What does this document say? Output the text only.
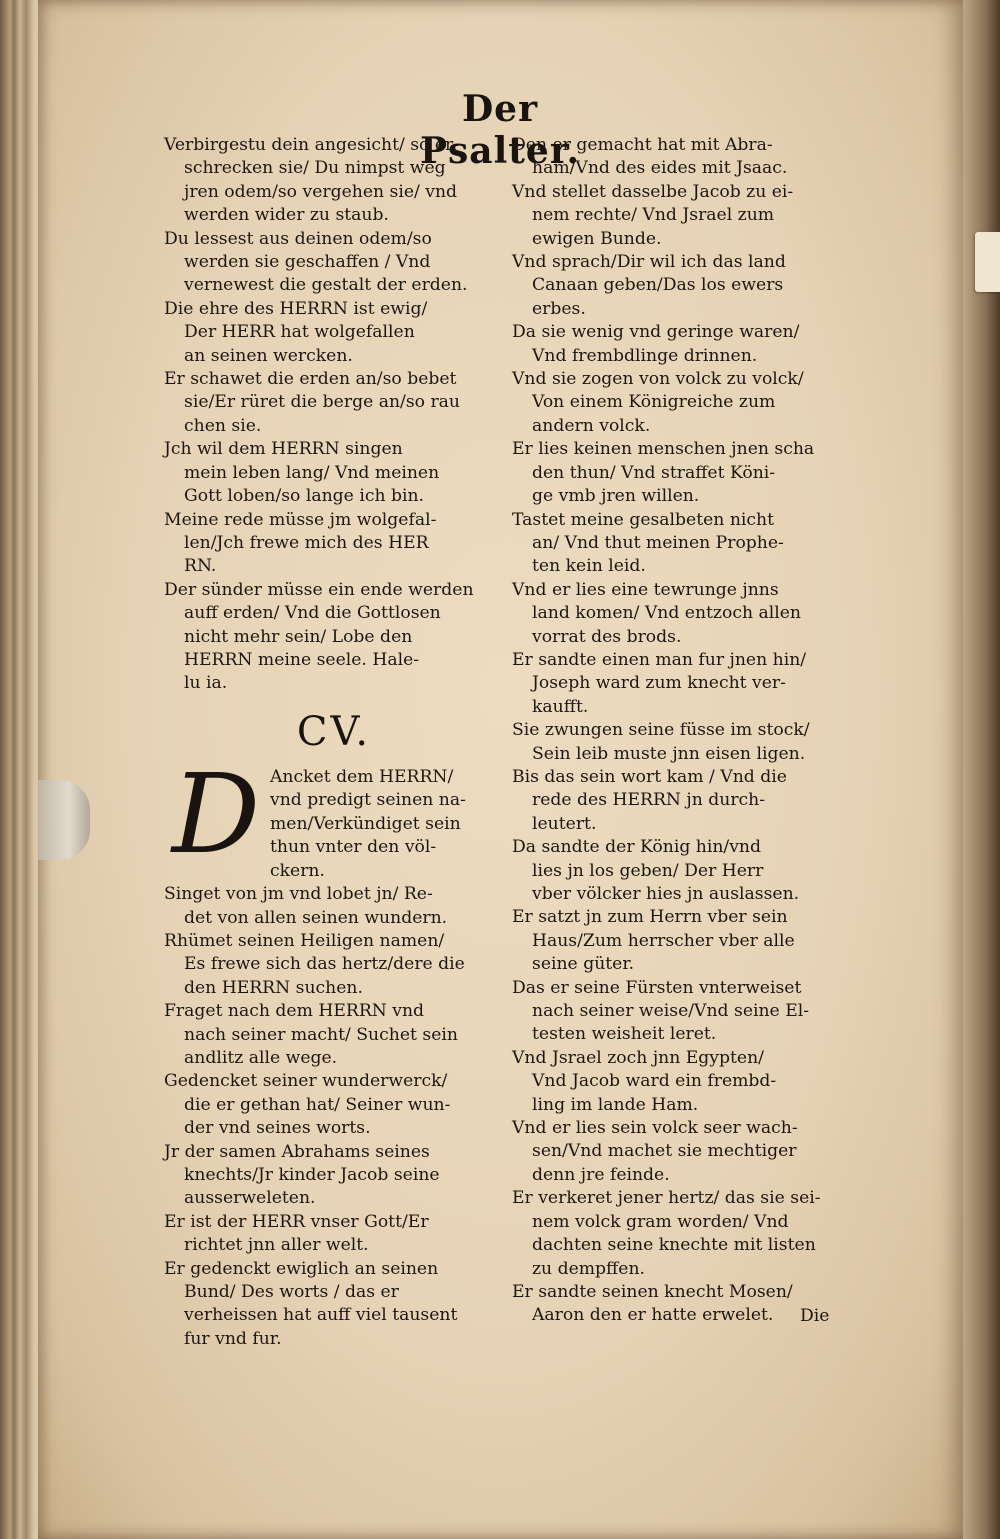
Der Psalter.
Verbirgestu dein angesicht/ so er‑
schrecken sie/ Du nimpst weg
jren odem/so vergehen sie/ vnd
werden wider zu staub.
Du lessest aus deinen odem/so
werden sie geschaffen / Vnd
vernewest die gestalt der erden.
Die ehre des HERRN ist ewig/
Der HERR hat wolgefallen
an seinen wercken.
Er schawet die erden an/so bebet
sie/Er rüret die berge an/so rau
chen sie.
Jch wil dem HERRN singen
mein leben lang/ Vnd meinen
Gott loben/so lange ich bin.
Meine rede müsse jm wolgefal‑
len/Jch frewe mich des HER
RN.
Der sünder müsse ein ende werden
auff erden/ Vnd die Gottlosen
nicht mehr sein/ Lobe den
HERRN meine seele. Hale‑
lu ia.
CV.
D Ancket dem HERRN/
vnd predigt seinen na‑
men/Verkündiget sein
thun vnter den völ‑
ckern.
Singet von jm vnd lobet jn/ Re‑
det von allen seinen wundern.
Rhümet seinen Heiligen namen/
Es frewe sich das hertz/dere die
den HERRN suchen.
Fraget nach dem HERRN vnd
nach seiner macht/ Suchet sein
andlitz alle wege.
Gedencket seiner wunderwerck/
die er gethan hat/ Seiner wun‑
der vnd seines worts.
Jr der samen Abrahams seines
knechts/Jr kinder Jacob seine
ausserweleten.
Er ist der HERR vnser Gott/Er
richtet jnn aller welt.
Er gedenckt ewiglich an seinen
Bund/ Des worts / das er
verheissen hat auff viel tausent
fur vnd fur.
Den er gemacht hat mit Abra‑
ham/Vnd des eides mit Jsaac.
Vnd stellet dasselbe Jacob zu ei‑
nem rechte/ Vnd Jsrael zum
ewigen Bunde.
Vnd sprach/Dir wil ich das land
Canaan geben/Das los ewers
erbes.
Da sie wenig vnd geringe waren/
Vnd frembdlinge drinnen.
Vnd sie zogen von volck zu volck/
Von einem Königreiche zum
andern volck.
Er lies keinen menschen jnen scha
den thun/ Vnd straffet Köni‑
ge vmb jren willen.
Tastet meine gesalbeten nicht
an/ Vnd thut meinen Prophe‑
ten kein leid.
Vnd er lies eine tewrunge jnns
land komen/ Vnd entzoch allen
vorrat des brods.
Er sandte einen man fur jnen hin/
Joseph ward zum knecht ver‑
kaufft.
Sie zwungen seine füsse im stock/
Sein leib muste jnn eisen ligen.
Bis das sein wort kam / Vnd die
rede des HERRN jn durch‑
leutert.
Da sandte der König hin/vnd
lies jn los geben/ Der Herr
vber völcker hies jn auslassen.
Er satzt jn zum Herrn vber sein
Haus/Zum herrscher vber alle
seine güter.
Das er seine Fürsten vnterweiset
nach seiner weise/Vnd seine El‑
testen weisheit leret.
Vnd Jsrael zoch jnn Egypten/
Vnd Jacob ward ein frembd‑
ling im lande Ham.
Vnd er lies sein volck seer wach‑
sen/Vnd machet sie mechtiger
denn jre feinde.
Er verkeret jener hertz/ das sie sei‑
nem volck gram worden/ Vnd
dachten seine knechte mit listen
zu dempffen.
Er sandte seinen knecht Mosen/
Aaron den er hatte erwelet.	Die
